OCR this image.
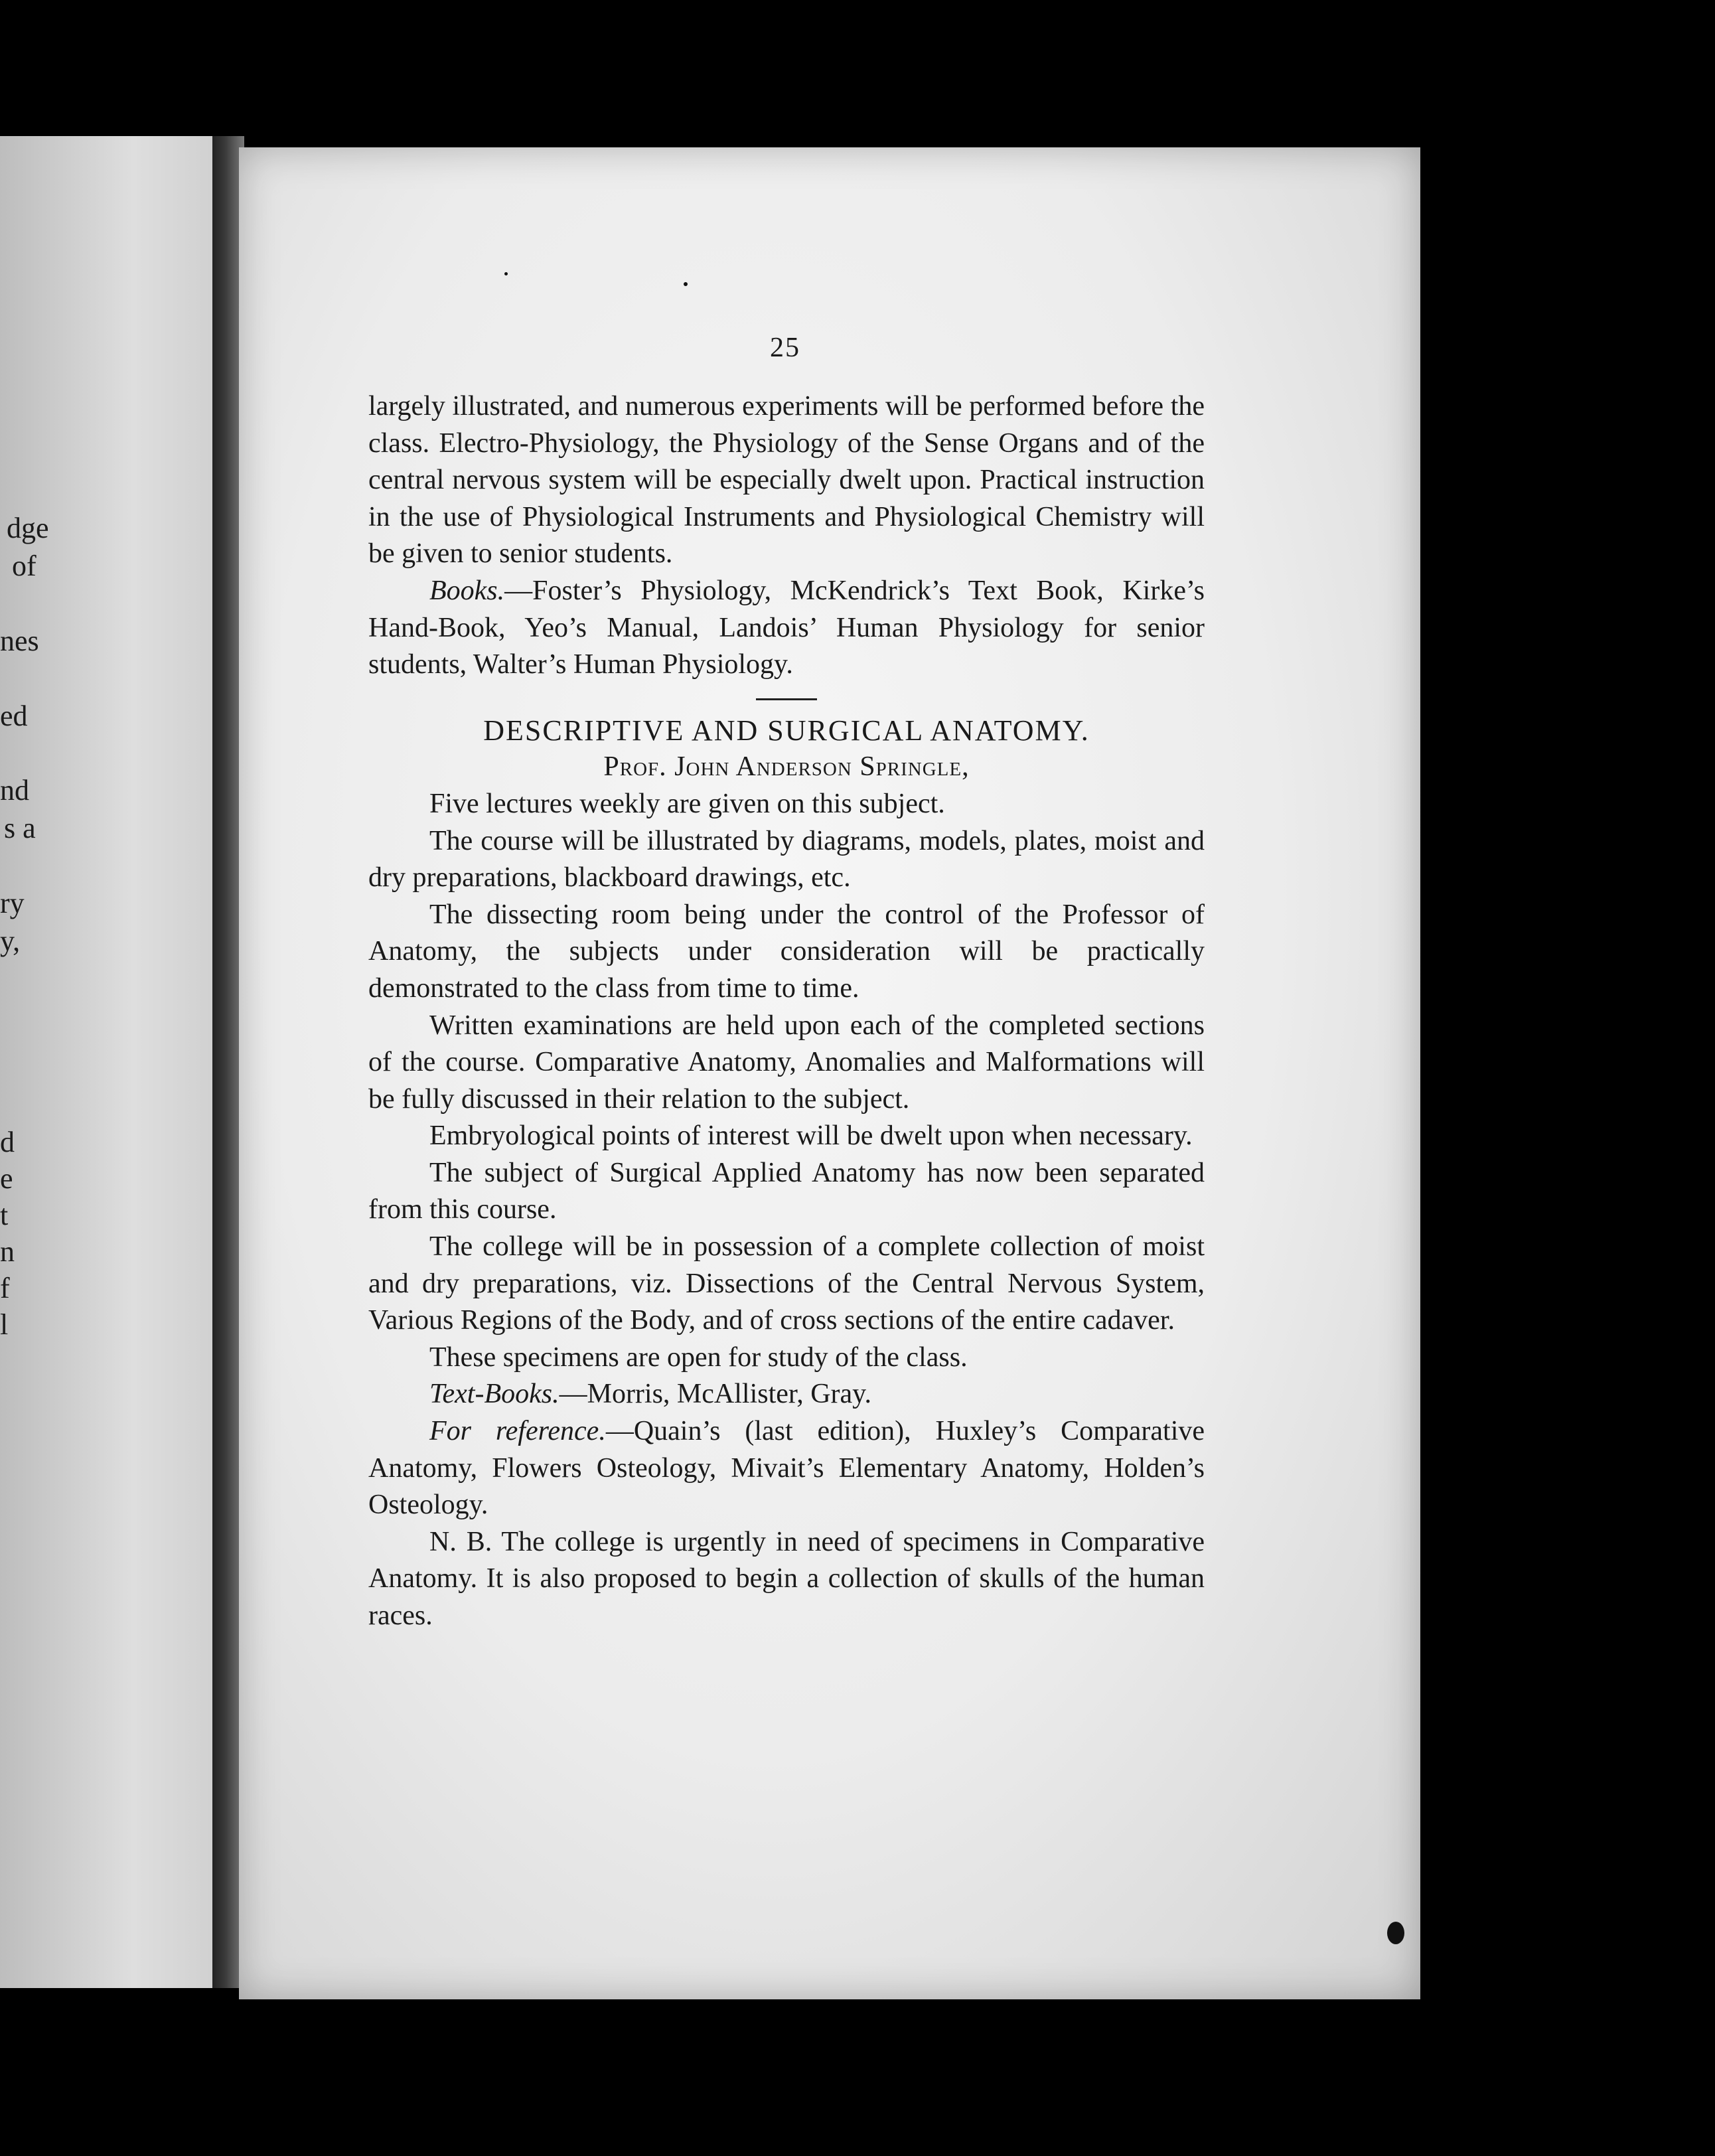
dge
of
nes
ed
nd
s a
ry
y,
d
e
t
n
f
l
25

largely illustrated, and numerous experiments will be performed before the class. Electro-Physiology, the Physiology of the Sense Organs and of the central nervous system will be especially dwelt upon. Practical instruction in the use of Physiological Instruments and Physiological Chemistry will be given to senior students.

Books.—Foster’s Physiology, McKendrick’s Text Book, Kirke’s Hand-Book, Yeo’s Manual, Landois’ Human Physiology for senior students, Walter’s Human Physiology.

DESCRIPTIVE AND SURGICAL ANATOMY.

Prof. John Anderson Springle,

Five lectures weekly are given on this subject.

The course will be illustrated by diagrams, models, plates, moist and dry preparations, blackboard drawings, etc.

The dissecting room being under the control of the Professor of Anatomy, the subjects under consideration will be practically demonstrated to the class from time to time.

Written examinations are held upon each of the completed sections of the course. Comparative Anatomy, Anomalies and Malformations will be fully discussed in their relation to the subject.

Embryological points of interest will be dwelt upon when necessary.

The subject of Surgical Applied Anatomy has now been separated from this course.

The college will be in possession of a complete collection of moist and dry preparations, viz. Dissections of the Central Nervous System, Various Regions of the Body, and of cross sections of the entire cadaver.

These specimens are open for study of the class.

Text-Books.—Morris, McAllister, Gray.

For reference.—Quain’s (last edition), Huxley’s Comparative Anatomy, Flowers Osteology, Mivait’s Elementary Anatomy, Holden’s Osteology.

N. B. The college is urgently in need of specimens in Comparative Anatomy. It is also proposed to begin a collection of skulls of the human races.
